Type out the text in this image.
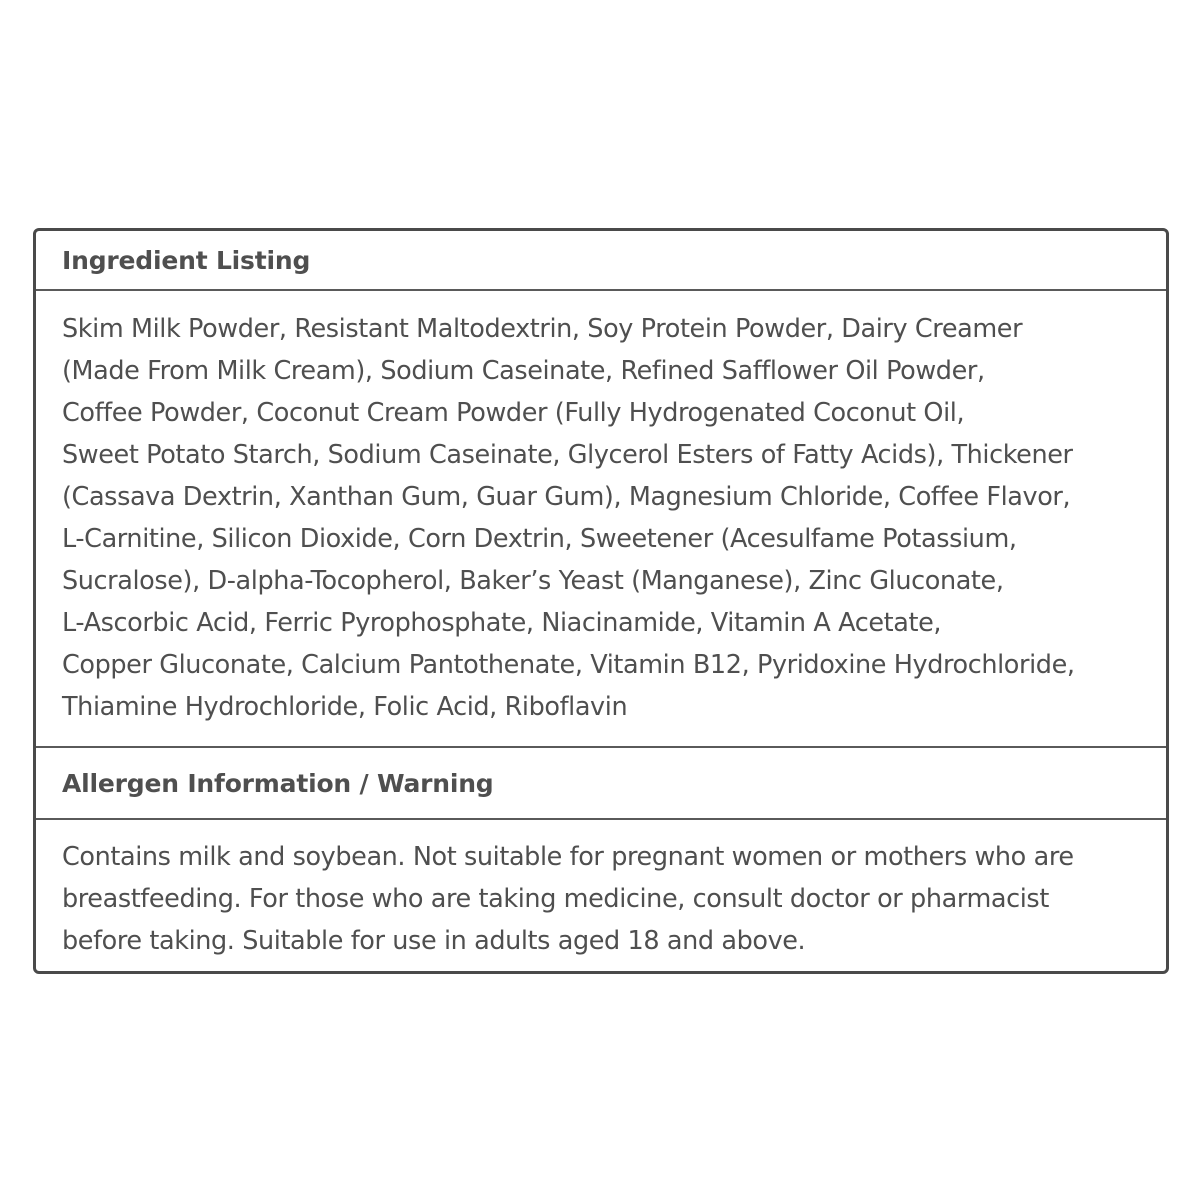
Ingredient Listing
Skim Milk Powder, Resistant Maltodextrin, Soy Protein Powder, Dairy Creamer
(Made From Milk Cream), Sodium Caseinate, Refined Safflower Oil Powder,
Coffee Powder, Coconut Cream Powder (Fully Hydrogenated Coconut Oil,
Sweet Potato Starch, Sodium Caseinate, Glycerol Esters of Fatty Acids), Thickener
(Cassava Dextrin, Xanthan Gum, Guar Gum), Magnesium Chloride, Coffee Flavor,
L-Carnitine, Silicon Dioxide, Corn Dextrin, Sweetener (Acesulfame Potassium,
Sucralose), D-alpha-Tocopherol, Baker’s Yeast (Manganese), Zinc Gluconate,
L-Ascorbic Acid, Ferric Pyrophosphate, Niacinamide, Vitamin A Acetate,
Copper Gluconate, Calcium Pantothenate, Vitamin B12, Pyridoxine Hydrochloride,
Thiamine Hydrochloride, Folic Acid, Riboflavin
Allergen Information / Warning
Contains milk and soybean. Not suitable for pregnant women or mothers who are
breastfeeding. For those who are taking medicine, consult doctor or pharmacist
before taking. Suitable for use in adults aged 18 and above.
